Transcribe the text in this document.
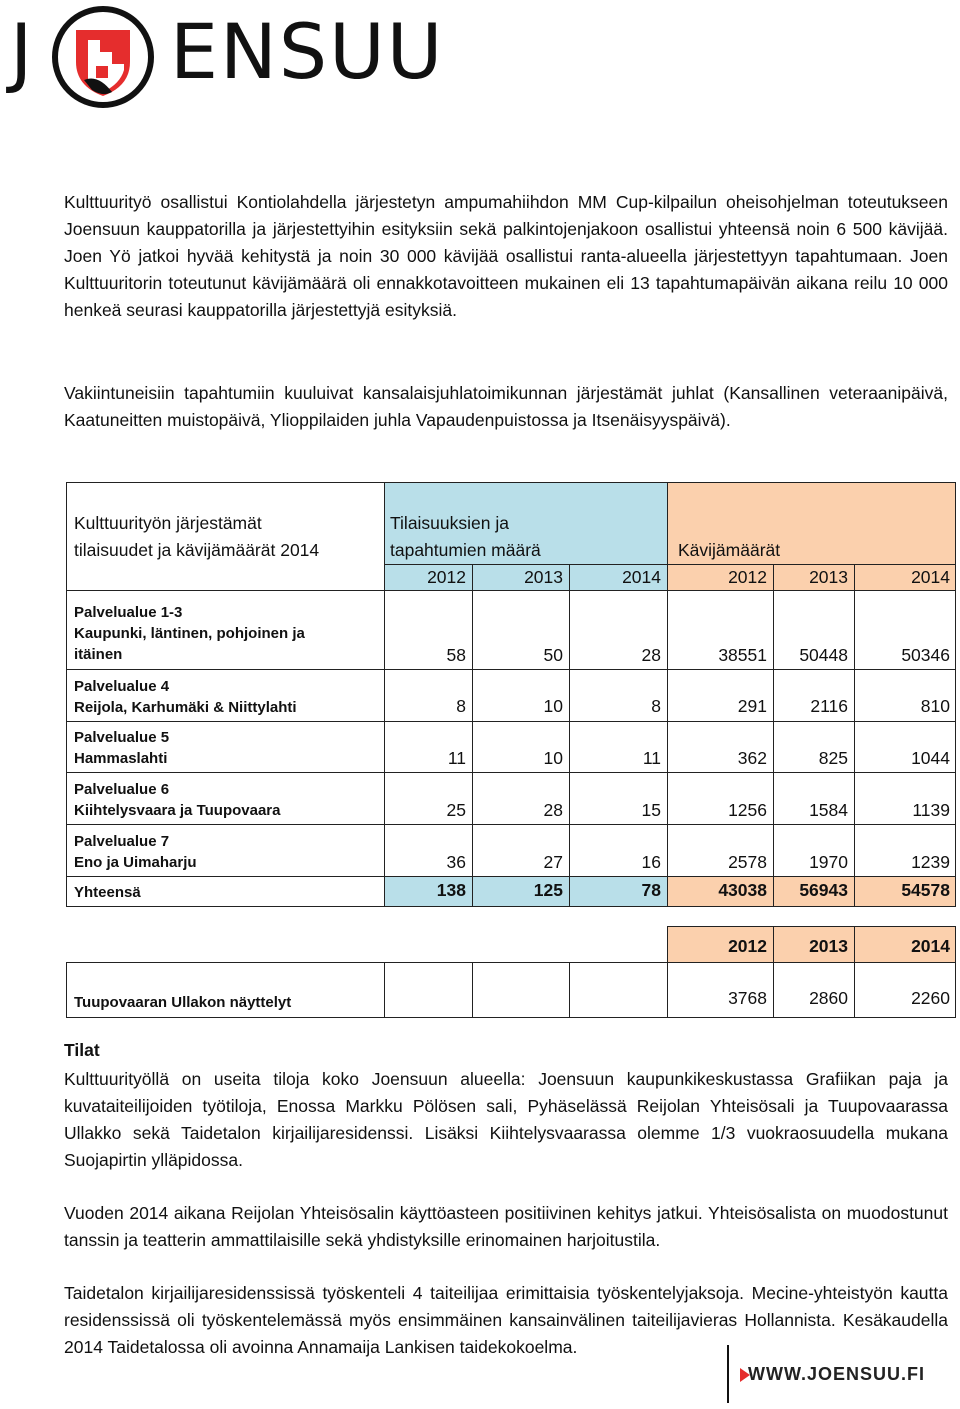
J ENSUU

Kulttuurityö osallistui Kontiolahdella järjestetyn ampumahiihdon MM Cup-kilpailun oheisohjelman toteutukseen Joensuun kauppatorilla ja järjestettyihin esityksiin sekä palkintojenjakoon osallistui yhteensä noin 6 500 kävijää. Joen Yö jatkoi hyvää kehitystä ja noin 30 000 kävijää osallistui ranta-alueella järjestettyyn tapahtumaan. Joen Kulttuuritorin toteutunut kävijämäärä oli ennakkotavoitteen mukainen eli 13 tapahtumapäivän aikana reilu 10 000 henkeä seurasi kauppatorilla järjestettyjä esityksiä.

Vakiintuneisiin tapahtumiin kuuluivat kansalaisjuhlatoimikunnan järjestämät juhlat (Kansallinen veteraanipäivä, Kaatuneitten muistopäivä, Ylioppilaiden juhla Vapaudenpuistossa ja Itsenäisyyspäivä).

Kulttuurityön järjestämät
tilaisuudet ja kävijämäärät 2014
Tilaisuuksien ja
tapahtumien määrä	Kävijämäärät
2012	2013	2014	2012	2013	2014
Palvelualue 1-3
Kaupunki, läntinen, pohjoinen ja
itäinen	58	50	28	38551	50448	50346
Palvelualue 4
Reijola, Karhumäki & Niittylahti	8	10	8	291	2116	810
Palvelualue 5
Hammaslahti	11	10	11	362	825	1044
Palvelualue 6
Kiihtelysvaara ja Tuupovaara	25	28	15	1256	1584	1139
Palvelualue 7
Eno ja Uimaharju	36	27	16	2578	1970	1239
Yhteensä	138	125	78	43038	56943	54578
2012	2013	2014
Tuupovaaran Ullakon näyttelyt	3768	2860	2260
Tilat

Kulttuurityöllä on useita tiloja koko Joensuun alueella: Joensuun kaupunkikeskustassa Grafiikan paja ja kuvataiteilijoiden työtiloja, Enossa Markku Pölösen sali, Pyhäselässä Reijolan Yhteisösali ja Tuupovaarassa Ullakko sekä Taidetalon kirjailijaresidenssi. Lisäksi Kiihtelysvaarassa olemme 1/3 vuokraosuudella mukana Suojapirtin ylläpidossa.

Vuoden 2014 aikana Reijolan Yhteisösalin käyttöasteen positiivinen kehitys jatkui. Yhteisösalista on muodostunut tanssin ja teatterin ammattilaisille sekä yhdistyksille erinomainen harjoitustila.

Taidetalon kirjailijaresidenssissä työskenteli 4 taiteilijaa erimittaisia työskentelyjaksoja. Mecine-yhteistyön kautta residenssissä oli työskentelemässä myös ensimmäinen kansainvälinen taiteilijavieras Hollannista. Kesäkaudella 2014 Taidetalossa oli avoinna Annamaija Lankisen taidekokoelma.

WWW.JOENSUU.FI
